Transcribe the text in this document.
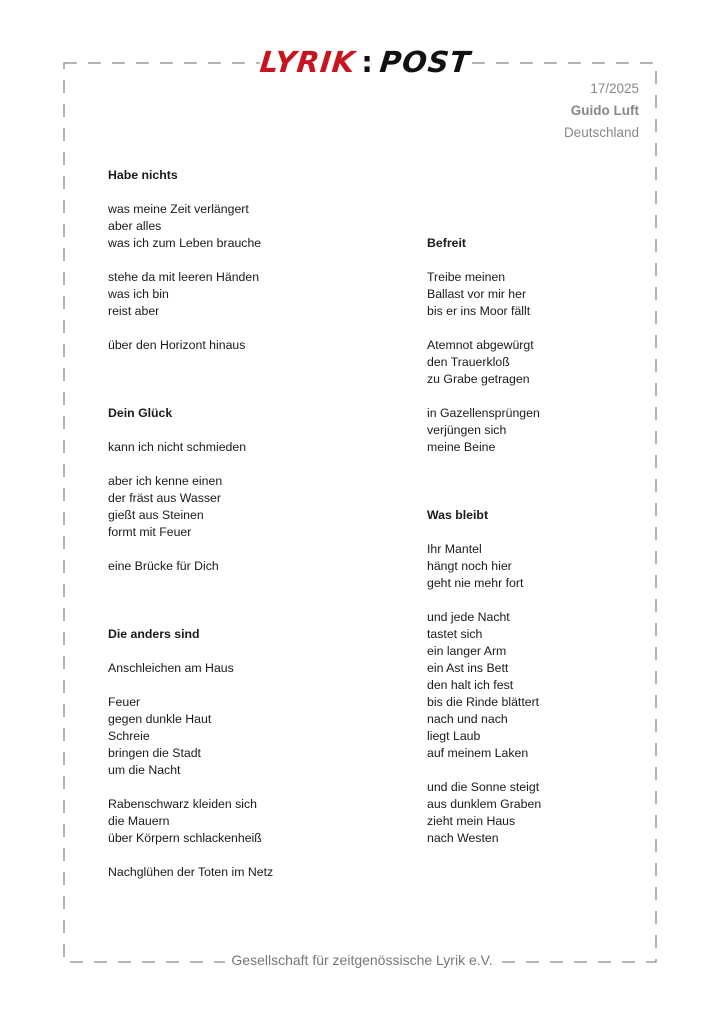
LYRIK : POST
17/2025
Guido Luft
Deutschland
Habe nichts
was meine Zeit verlängert
aber alles
was ich zum Leben brauche
stehe da mit leeren Händen
was ich bin
reist aber
über den Horizont hinaus
Dein Glück
kann ich nicht schmieden
aber ich kenne einen
der fräst aus Wasser
gießt aus Steinen
formt mit Feuer
eine Brücke für Dich
Die anders sind
Anschleichen am Haus
Feuer
gegen dunkle Haut
Schreie
bringen die Stadt
um die Nacht
Rabenschwarz kleiden sich
die Mauern
über Körpern schlackenheiß
Nachglühen der Toten im Netz
Befreit
Treibe meinen
Ballast vor mir her
bis er ins Moor fällt
Atemnot abgewürgt
den Trauerkloß
zu Grabe getragen
in Gazellensprüngen
verjüngen sich
meine Beine
Was bleibt
Ihr Mantel
hängt noch hier
geht nie mehr fort
und jede Nacht
tastet sich
ein langer Arm
ein Ast ins Bett
den halt ich fest
bis die Rinde blättert
nach und nach
liegt Laub
auf meinem Laken
und die Sonne steigt
aus dunklem Graben
zieht mein Haus
nach Westen
Gesellschaft für zeitgenössische Lyrik e.V.
